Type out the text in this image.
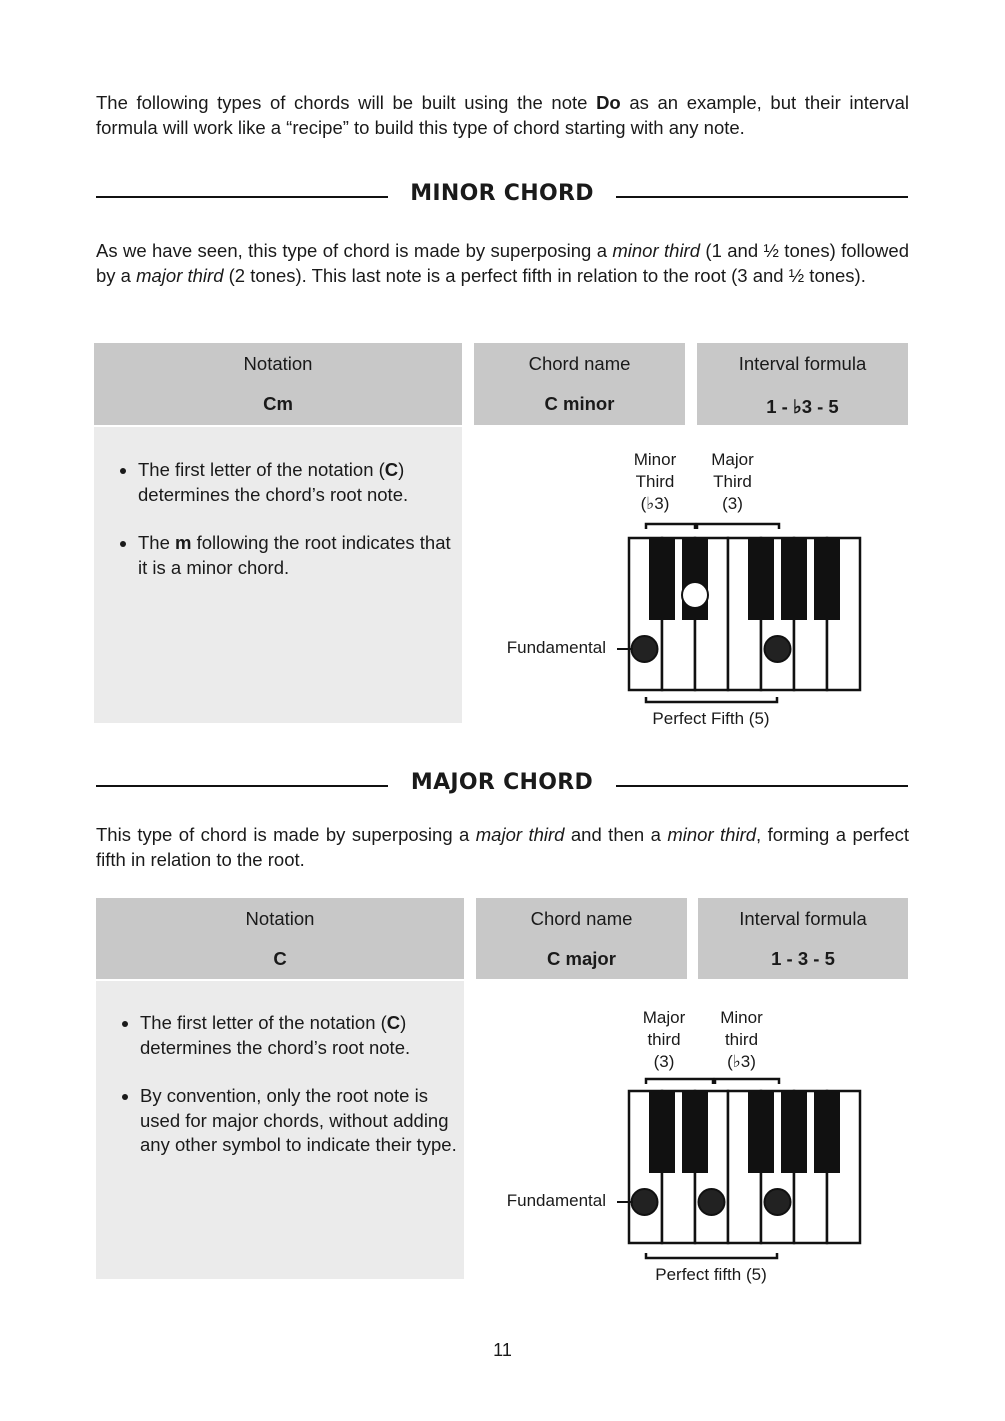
The following types of chords will be built using the note Do as an example, but their interval formula will work like a “recipe” to build this type of chord starting with any note.

MINOR CHORD

As we have seen, this type of chord is made by superposing a minor third (1 and ½ tones) followed by a major third (2 tones). This last note is a perfect fifth in relation to the root (3 and ½ tones).

Notation
Cm
Chord name
C minor
Interval formula
1 - ♭3 - 5
• The first letter of the notation (C) determines the chord’s root note.
• The m following the root indicates that it is a minor chord.
Minor
Third
(♭3)
Major
Third
(3)
Fundamental
Perfect Fifth (5)
MAJOR CHORD

This type of chord is made by superposing a major third and then a minor third, forming a perfect fifth in relation to the root.

Notation
C
Chord name
C major
Interval formula
1 - 3 - 5
• The first letter of the notation (C) determines the chord’s root note.
• By convention, only the root note is used for major chords, without adding any other symbol to indicate their type.
Major
third
(3)
Minor
third
(♭3)
Fundamental
Perfect fifth (5)
11
